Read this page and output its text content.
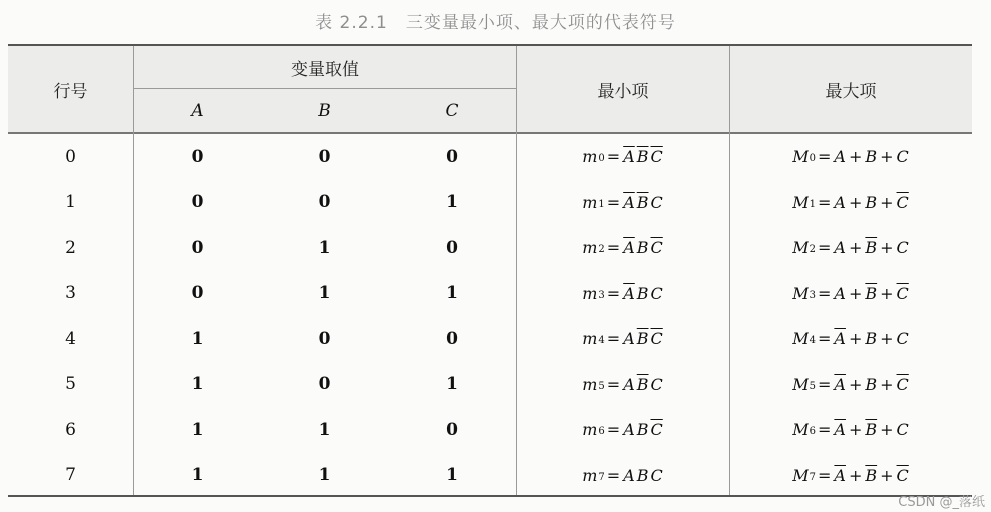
表 2.2.1　三变量最小项、最大项的代表符号
行号
变量取值
A	B	C
最小项	最大项
0	0	0	0	$m_0 = \overline{A}$ $\overline{B}$ $\overline{C}$	$M_0 = A + B + C$
1	0	0	1	$m_1 = \overline{A}$ $\overline{B}$ C	$M_1 = A + B + \overline{C}$
2	0	1	0	$m_2 = \overline{A}$ B $\overline{C}$	$M_2 = A + \overline{B} + C$
3	0	1	1	$m_3 = \overline{A}$ B C	$M_3 = A + \overline{B} + \overline{C}$
4	1	0	0	$m_4 = A$ $\overline{B}$ $\overline{C}$	$M_4 = \overline{A} + B + C$
5	1	0	1	$m_5 = A$ $\overline{B}$ C	$M_5 = \overline{A} + B + \overline{C}$
6	1	1	0	$m_6 = A$ B $\overline{C}$	$M_6 = \overline{A} + \overline{B} + C$
7	1	1	1	$m_7 = A$ B C	$M_7 = \overline{A} + \overline{B} + \overline{C}$
CSDN @_落纸
